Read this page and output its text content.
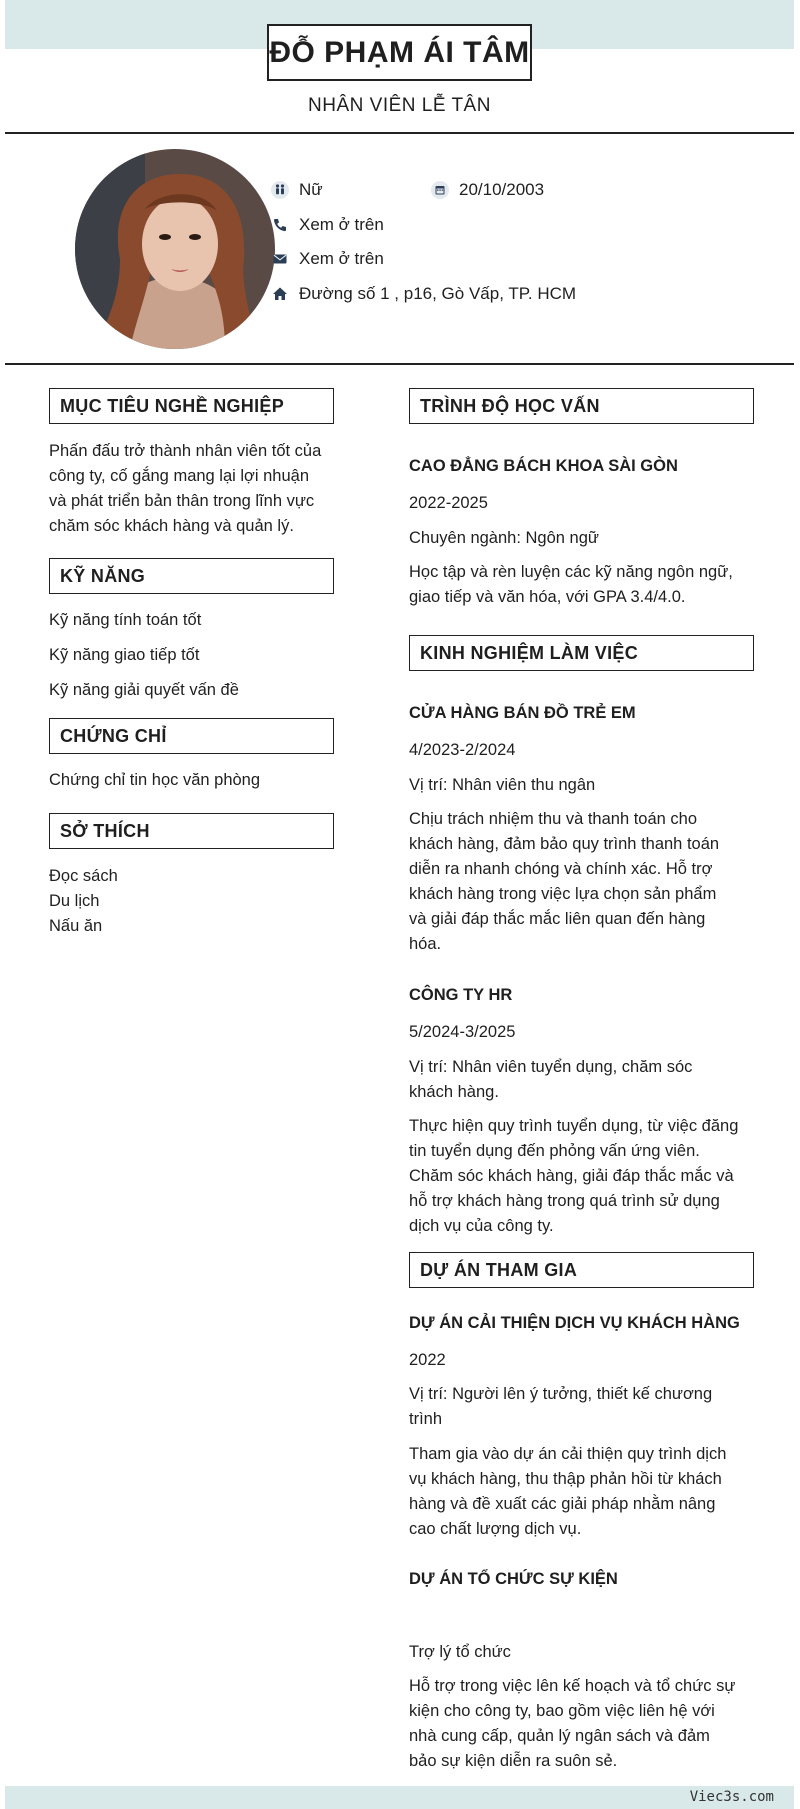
ĐỖ PHẠM ÁI TÂM
NHÂN VIÊN LỄ TÂN
Nữ	20/10/2003
Xem ở trên
Xem ở trên
Đường số 1 , p16, Gò Vấp, TP. HCM
MỤC TIÊU NGHỀ NGHIỆP
Phấn đấu trở thành nhân viên tốt của
công ty, cố gắng mang lại lợi nhuận
và phát triển bản thân trong lĩnh vực
chăm sóc khách hàng và quản lý.
KỸ NĂNG
Kỹ năng tính toán tốt
Kỹ năng giao tiếp tốt
Kỹ năng giải quyết vấn đề
CHỨNG CHỈ
Chứng chỉ tin học văn phòng
SỞ THÍCH
Đọc sách
Du lịch
Nấu ăn
TRÌNH ĐỘ HỌC VẤN
CAO ĐẲNG BÁCH KHOA SÀI GÒN
2022-2025
Chuyên ngành: Ngôn ngữ
Học tập và rèn luyện các kỹ năng ngôn ngữ,
giao tiếp và văn hóa, với GPA 3.4/4.0.
KINH NGHIỆM LÀM VIỆC
CỬA HÀNG BÁN ĐỒ TRẺ EM
4/2023-2/2024
Vị trí: Nhân viên thu ngân
Chịu trách nhiệm thu và thanh toán cho
khách hàng, đảm bảo quy trình thanh toán
diễn ra nhanh chóng và chính xác. Hỗ trợ
khách hàng trong việc lựa chọn sản phẩm
và giải đáp thắc mắc liên quan đến hàng
hóa.
CÔNG TY HR
5/2024-3/2025
Vị trí: Nhân viên tuyển dụng, chăm sóc
khách hàng.
Thực hiện quy trình tuyển dụng, từ việc đăng
tin tuyển dụng đến phỏng vấn ứng viên.
Chăm sóc khách hàng, giải đáp thắc mắc và
hỗ trợ khách hàng trong quá trình sử dụng
dịch vụ của công ty.
DỰ ÁN THAM GIA
DỰ ÁN CẢI THIỆN DỊCH VỤ KHÁCH HÀNG
2022
Vị trí: Người lên ý tưởng, thiết kế chương
trình
Tham gia vào dự án cải thiện quy trình dịch
vụ khách hàng, thu thập phản hồi từ khách
hàng và đề xuất các giải pháp nhằm nâng
cao chất lượng dịch vụ.
DỰ ÁN TỔ CHỨC SỰ KIỆN
Trợ lý tổ chức
Hỗ trợ trong việc lên kế hoạch và tổ chức sự
kiện cho công ty, bao gồm việc liên hệ với
nhà cung cấp, quản lý ngân sách và đảm
bảo sự kiện diễn ra suôn sẻ.
Viec3s.com
